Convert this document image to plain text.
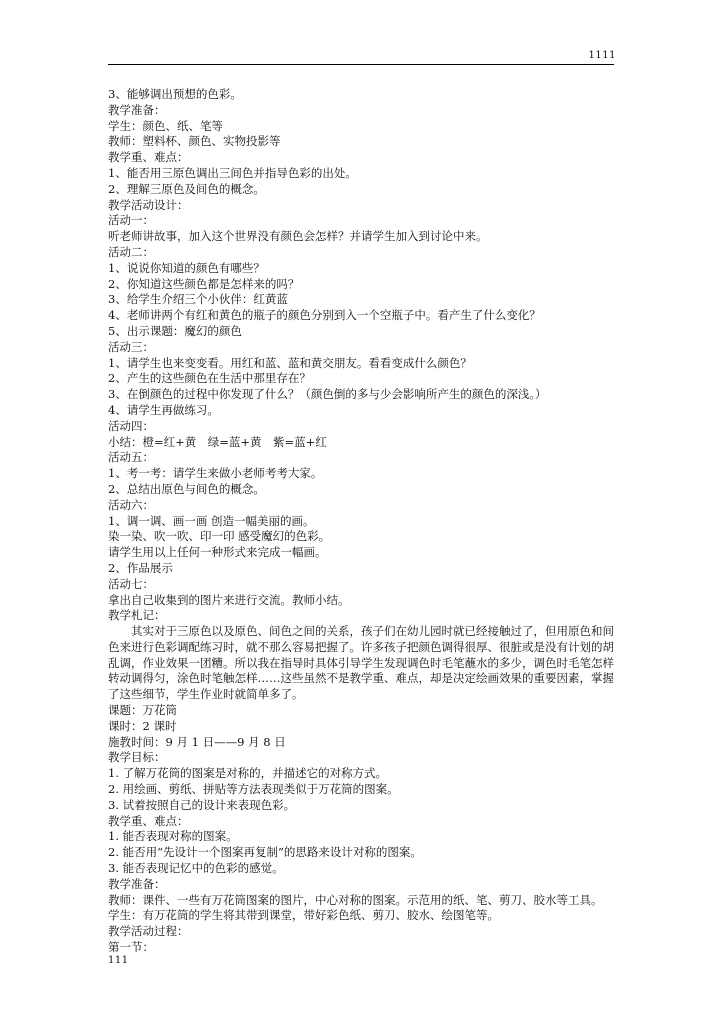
1111
3、能够调出预想的色彩。
教学准备：
学生：颜色、纸、笔等
教师：塑料杯、颜色、实物投影等
教学重、难点：
1、能否用三原色调出三间色并指导色彩的出处。
2、理解三原色及间色的概念。
教学活动设计：
活动一：
听老师讲故事，加入这个世界没有颜色会怎样？并请学生加入到讨论中来。
活动二：
1、说说你知道的颜色有哪些？
2、你知道这些颜色都是怎样来的吗？
3、给学生介绍三个小伙伴：红黄蓝
4、老师讲两个有红和黄色的瓶子的颜色分别到入一个空瓶子中。看产生了什么变化？
5、出示课题：魔幻的颜色
活动三：
1、请学生也来变变看。用红和蓝、蓝和黄交朋友。看看变成什么颜色？
2、产生的这些颜色在生活中那里存在？
3、在倒颜色的过程中你发现了什么？（颜色倒的多与少会影响所产生的颜色的深浅。）
4、请学生再做练习。
活动四：
小结：橙=红+黄　绿=蓝+黄　紫=蓝+红
活动五：
1、考一考：请学生来做小老师考考大家。
2、总结出原色与间色的概念。
活动六：
1、调一调、画一画 创造一幅美丽的画。
染一染、吹一吹、印一印 感受魔幻的色彩。
请学生用以上任何一种形式来完成一幅画。
2、作品展示
活动七：
拿出自己收集到的图片来进行交流。教师小结。
教学札记：
其实对于三原色以及原色、间色之间的关系，孩子们在幼儿园时就已经接触过了，但用原色和间色来进行色彩调配练习时，就不那么容易把握了。许多孩子把颜色调得很厚、很脏或是没有计划的胡乱调，作业效果一团糟。所以我在指导时具体引导学生发现调色时毛笔蘸水的多少，调色时毛笔怎样转动调得匀，涂色时笔触怎样……这些虽然不是教学重、难点，却是决定绘画效果的重要因素，掌握了这些细节，学生作业时就简单多了。
课题：万花筒
课时：2 课时
施教时间：9 月 1 日——9 月 8 日
教学目标：
1. 了解万花筒的图案是对称的，并描述它的对称方式。
2. 用绘画、剪纸、拼贴等方法表现类似于万花筒的图案。
3. 试着按照自己的设计来表现色彩。
教学重、难点：
1. 能否表现对称的图案。
2. 能否用“先设计一个图案再复制”的思路来设计对称的图案。
3. 能否表现记忆中的色彩的感觉。
教学准备：
教师：课件、一些有万花筒图案的图片，中心对称的图案。示范用的纸、笔、剪刀、胶水等工具。
学生：有万花筒的学生将其带到课堂，带好彩色纸、剪刀、胶水、绘图笔等。
教学活动过程：
第一节：
111
